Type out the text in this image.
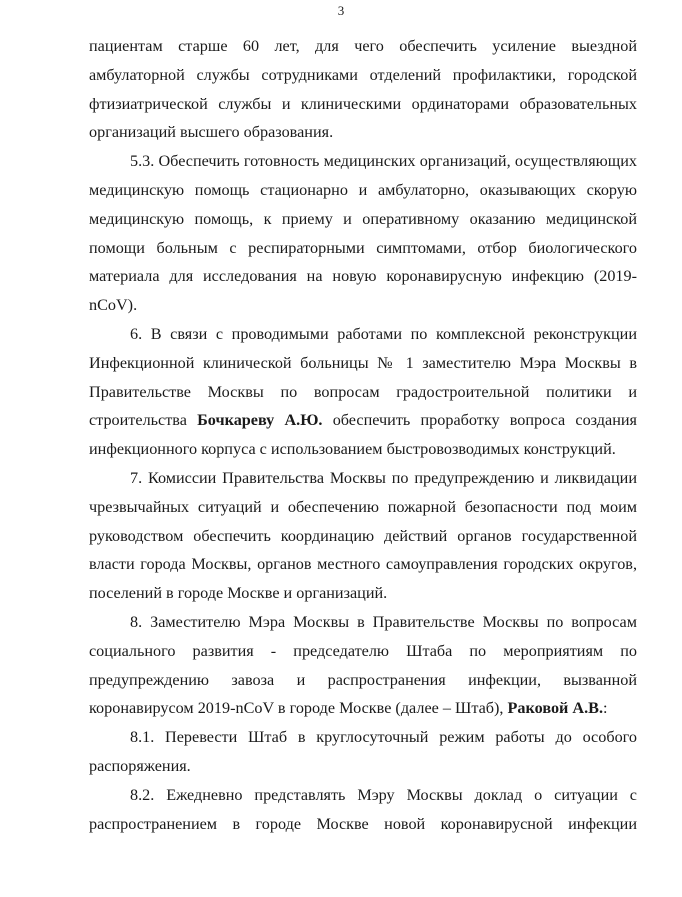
3

пациентам старше 60 лет, для чего обеспечить усиление выездной амбулаторной службы сотрудниками отделений профилактики, городской фтизиатрической службы и клиническими ординаторами образовательных организаций высшего образования.

5.3. Обеспечить готовность медицинских организаций, осуществляющих медицинскую помощь стационарно и амбулаторно, оказывающих скорую медицинскую помощь, к приему и оперативному оказанию медицинской помощи больным с респираторными симптомами, отбор биологического материала для исследования на новую коронавирусную инфекцию (2019-nCoV).

6. В связи с проводимыми работами по комплексной реконструкции Инфекционной клинической больницы № 1 заместителю Мэра Москвы в Правительстве Москвы по вопросам градостроительной политики и строительства Бочкареву А.Ю. обеспечить проработку вопроса создания инфекционного корпуса с использованием быстровозводимых конструкций.

7. Комиссии Правительства Москвы по предупреждению и ликвидации чрезвычайных ситуаций и обеспечению пожарной безопасности под моим руководством обеспечить координацию действий органов государственной власти города Москвы, органов местного самоуправления городских округов, поселений в городе Москве и организаций.

8. Заместителю Мэра Москвы в Правительстве Москвы по вопросам социального развития - председателю Штаба по мероприятиям по предупреждению завоза и распространения инфекции, вызванной коронавирусом 2019-nCoV в городе Москве (далее – Штаб), Раковой А.В.:

8.1. Перевести Штаб в круглосуточный режим работы до особого распоряжения.

8.2. Ежедневно представлять Мэру Москвы доклад о ситуации с распространением в городе Москве новой коронавирусной инфекции
